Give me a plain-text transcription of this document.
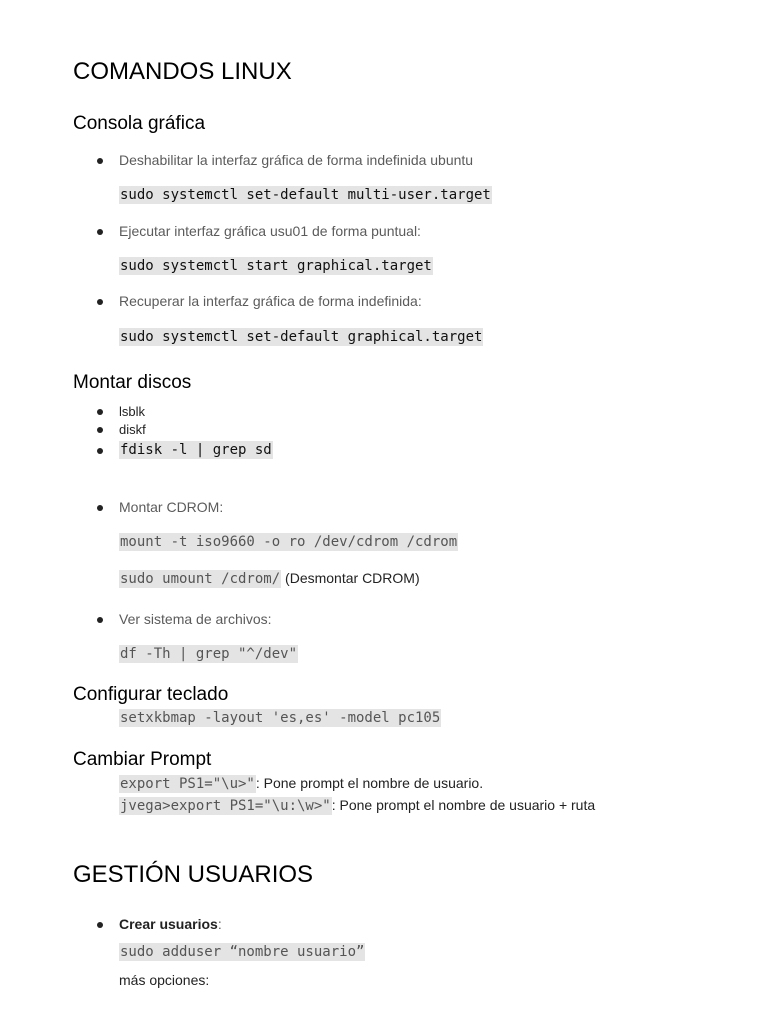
COMANDOS LINUX
Consola gráfica
Deshabilitar la interfaz gráfica de forma indefinida ubuntu
sudo systemctl set-default multi-user.target
Ejecutar interfaz gráfica usu01 de forma puntual:
sudo systemctl start graphical.target
Recuperar la interfaz gráfica de forma indefinida:
sudo systemctl set-default graphical.target
Montar discos
lsblk
diskf
fdisk -l | grep sd
Montar CDROM:
mount -t iso9660 -o ro /dev/cdrom /cdrom
sudo umount /cdrom/ (Desmontar CDROM)
Ver sistema de archivos:
df -Th | grep "^/dev"
Configurar teclado
setxkbmap -layout 'es,es' -model pc105
Cambiar Prompt
export PS1="\u>": Pone prompt el nombre de usuario.
jvega>export PS1="\u:\w>": Pone prompt el nombre de usuario + ruta
GESTIÓN USUARIOS
Crear usuarios:
sudo adduser “nombre usuario”
más opciones:
